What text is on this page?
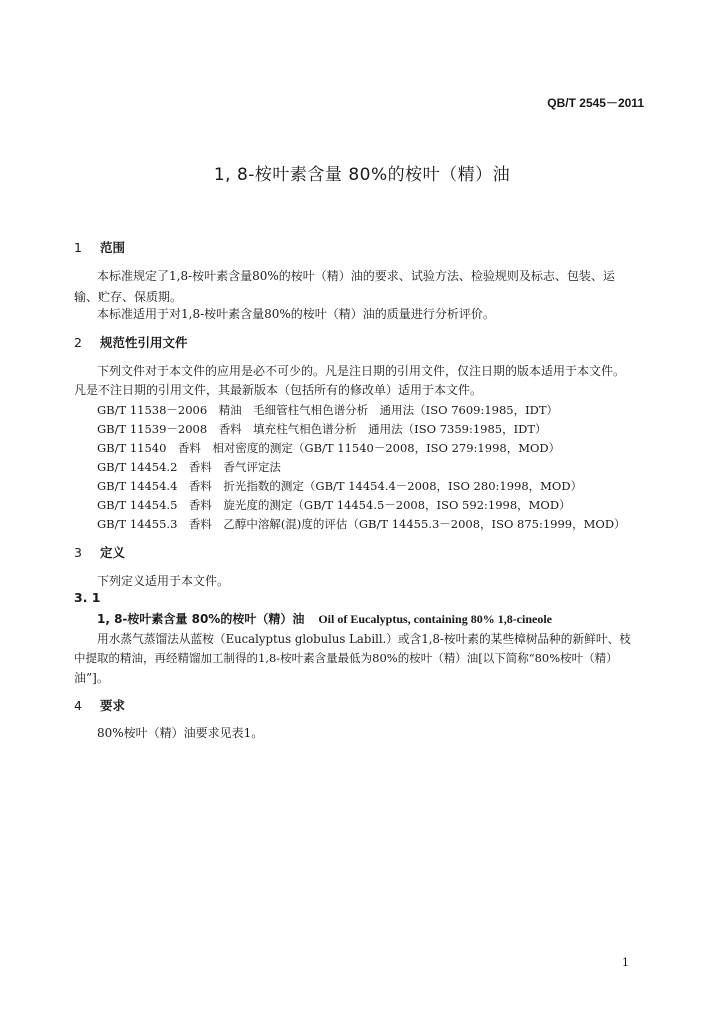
QB/T 2545－2011
1, 8-桉叶素含量 80%的桉叶（精）油
1 范围
本标准规定了1,8-桉叶素含量80%的桉叶（精）油的要求、试验方法、检验规则及标志、包装、运
输、贮存、保质期。
本标准适用于对1,8-桉叶素含量80%的桉叶（精）油的质量进行分析评价。
2 规范性引用文件
下列文件对于本文件的应用是必不可少的。凡是注日期的引用文件，仅注日期的版本适用于本文件。
凡是不注日期的引用文件，其最新版本（包括所有的修改单）适用于本文件。
GB/T 11538－2006　精油　毛细管柱气相色谱分析　通用法（ISO 7609:1985，IDT）
GB/T 11539－2008　香料　填充柱气相色谱分析　通用法（ISO 7359:1985，IDT）
GB/T 11540　香料　相对密度的测定（GB/T 11540－2008，ISO 279:1998，MOD）
GB/T 14454.2　香料　香气评定法
GB/T 14454.4　香料　折光指数的测定（GB/T 14454.4－2008，ISO 280:1998，MOD）
GB/T 14454.5　香料　旋光度的测定（GB/T 14454.5－2008，ISO 592:1998，MOD）
GB/T 14455.3　香料　乙醇中溶解(混)度的评估（GB/T 14455.3－2008，ISO 875:1999，MOD）
3 定义
下列定义适用于本文件。
3. 1
1, 8-桉叶素含量 80%的桉叶（精）油 Oil of Eucalyptus, containing 80% 1,8-cineole
用水蒸气蒸馏法从蓝桉（Eucalyptus globulus Labill.）或含1,8-桉叶素的某些樟树品种的新鲜叶、枝
中提取的精油，再经精馏加工制得的1,8-桉叶素含量最低为80%的桉叶（精）油[以下简称“80%桉叶（精）
油”]。
4 要求
80%桉叶（精）油要求见表1。
1
